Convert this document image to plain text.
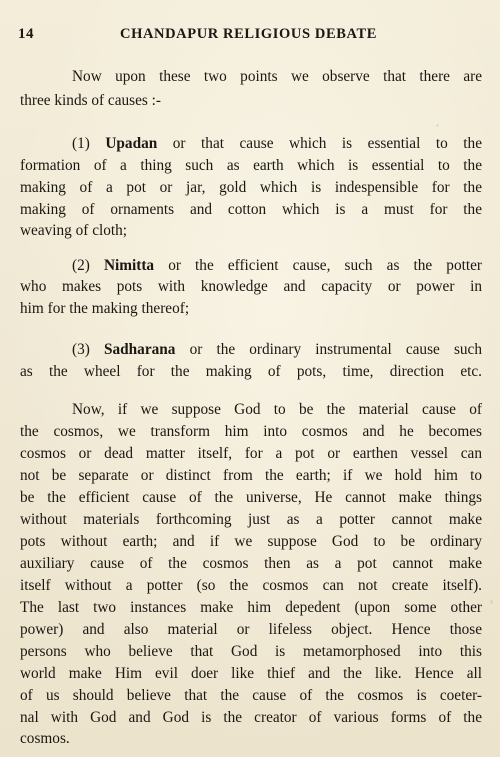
14	CHANDAPUR RELIGIOUS DEBATE
Now upon these two points we observe that there are
three kinds of causes :-
(1) Upadan or that cause which is essential to the
formation of a thing such as earth which is essential to the
making of a pot or jar, gold which is indespensible for the
making of ornaments and cotton which is a must for the
weaving of cloth;
(2) Nimitta or the efficient cause, such as the potter
who makes pots with knowledge and capacity or power in
him for the making thereof;
(3) Sadharana or the ordinary instrumental cause such
as the wheel for the making of pots, time, direction etc.
Now, if we suppose God to be the material cause of
the cosmos, we transform him into cosmos and he becomes
cosmos or dead matter itself, for a pot or earthen vessel can
not be separate or distinct from the earth; if we hold him to
be the efficient cause of the universe, He cannot make things
without materials forthcoming just as a potter cannot make
pots without earth; and if we suppose God to be ordinary
auxiliary cause of the cosmos then as a pot cannot make
itself without a potter (so the cosmos can not create itself).
The last two instances make him depedent (upon some other
power) and also material or lifeless object. Hence those
persons who believe that God is metamorphosed into this
world make Him evil doer like thief and the like. Hence all
of us should believe that the cause of the cosmos is coeter-
nal with God and God is the creator of various forms of the
cosmos.
